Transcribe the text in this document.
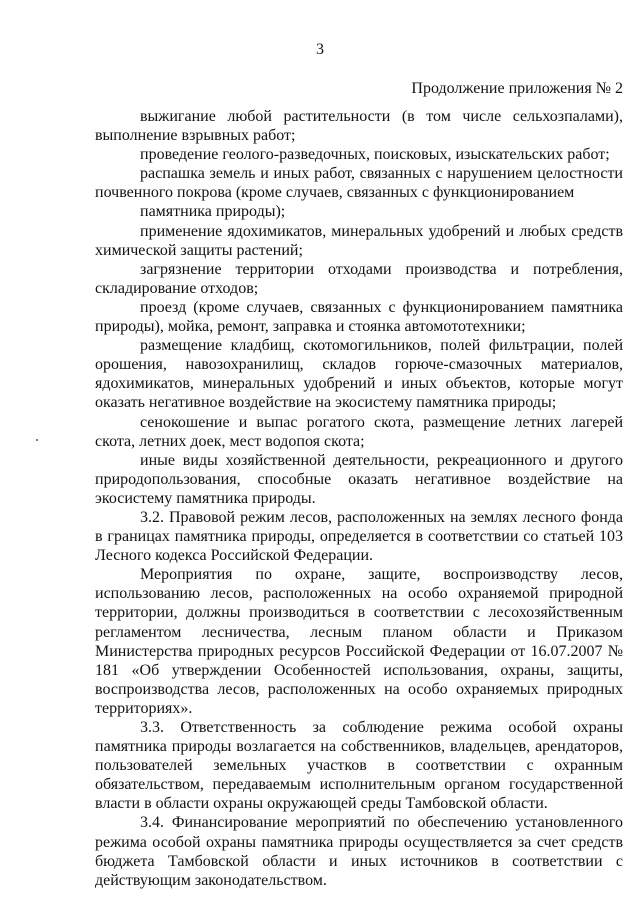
3
Продолжение приложения № 2

выжигание любой растительности (в том числе сельхозпалами), выполнение взрывных работ;

проведение геолого-разведочных, поисковых, изыскательских работ;

распашка земель и иных работ, связанных с нарушением целостности почвенного покрова (кроме случаев, связанных с функционированием

памятника природы);

применение ядохимикатов, минеральных удобрений и любых средств химической защиты растений;

загрязнение территории отходами производства и потребления, складирование отходов;

проезд (кроме случаев, связанных с функционированием памятника природы), мойка, ремонт, заправка и стоянка автомототехники;

размещение кладбищ, скотомогильников, полей фильтрации, полей орошения, навозохранилищ, складов горюче-смазочных материалов, ядохимикатов, минеральных удобрений и иных объектов, которые могут оказать негативное воздействие на экосистему памятника природы;

сенокошение и выпас рогатого скота, размещение летних лагерей скота, летних доек, мест водопоя скота;

иные виды хозяйственной деятельности, рекреационного и другого природопользования, способные оказать негативное воздействие на экосистему памятника природы.

3.2. Правовой режим лесов, расположенных на землях лесного фонда в границах памятника природы, определяется в соответствии со статьей 103 Лесного кодекса Российской Федерации.

Мероприятия по охране, защите, воспроизводству лесов, использованию лесов, расположенных на особо охраняемой природной территории, должны производиться в соответствии с лесохозяйственным регламентом лесничества, лесным планом области и Приказом Министерства природных ресурсов Российской Федерации от 16.07.2007 № 181 «Об утверждении Особенностей использования, охраны, защиты, воспроизводства лесов, расположенных на особо охраняемых природных территориях».

3.3. Ответственность за соблюдение режима особой охраны памятника природы возлагается на собственников, владельцев, арендаторов, пользователей земельных участков в соответствии с охранным обязательством, передаваемым исполнительным органом государственной власти в области охраны окружающей среды Тамбовской области.

3.4. Финансирование мероприятий по обеспечению установленного режима особой охраны памятника природы осуществляется за счет средств бюджета Тамбовской области и иных источников в соответствии с действующим законодательством.
